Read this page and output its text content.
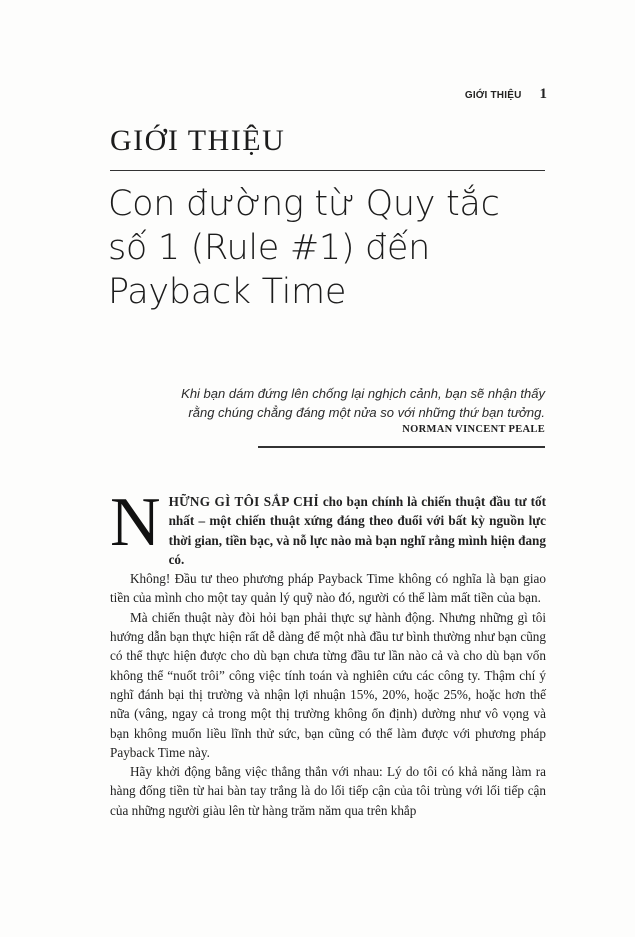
GIỚI THIỆU 1
GIỚI THIỆU
Con đường từ Quy tắc số 1 (Rule #1) đến Payback Time

Khi bạn dám đứng lên chống lại nghịch cảnh, bạn sẽ nhận thấy rằng chúng chẳng đáng một nửa so với những thứ bạn tưởng.

NORMAN VINCENT PEALE
N HỮNG GÌ TÔI SẮP CHỈ cho bạn chính là chiến thuật đầu tư tốt nhất – một chiến thuật xứng đáng theo đuổi với bất kỳ nguồn lực thời gian, tiền bạc, và nỗ lực nào mà bạn nghĩ rằng mình hiện đang có.

Không! Đầu tư theo phương pháp Payback Time không có nghĩa là bạn giao tiền của mình cho một tay quản lý quỹ nào đó, người có thể làm mất tiền của bạn.

Mà chiến thuật này đòi hỏi bạn phải thực sự hành động. Nhưng những gì tôi hướng dẫn bạn thực hiện rất dễ dàng để một nhà đầu tư bình thường như bạn cũng có thể thực hiện được cho dù bạn chưa từng đầu tư lần nào cả và cho dù bạn vốn không thể “nuốt trôi” công việc tính toán và nghiên cứu các công ty. Thậm chí ý nghĩ đánh bại thị trường và nhận lợi nhuận 15%, 20%, hoặc 25%, hoặc hơn thế nữa (vâng, ngay cả trong một thị trường không ổn định) dường như vô vọng và bạn không muốn liều lĩnh thử sức, bạn cũng có thể làm được với phương pháp Payback Time này.

Hãy khởi động bằng việc thẳng thắn với nhau: Lý do tôi có khả năng làm ra hàng đống tiền từ hai bàn tay trắng là do lối tiếp cận của tôi trùng với lối tiếp cận của những người giàu lên từ hàng trăm năm qua trên khắp
